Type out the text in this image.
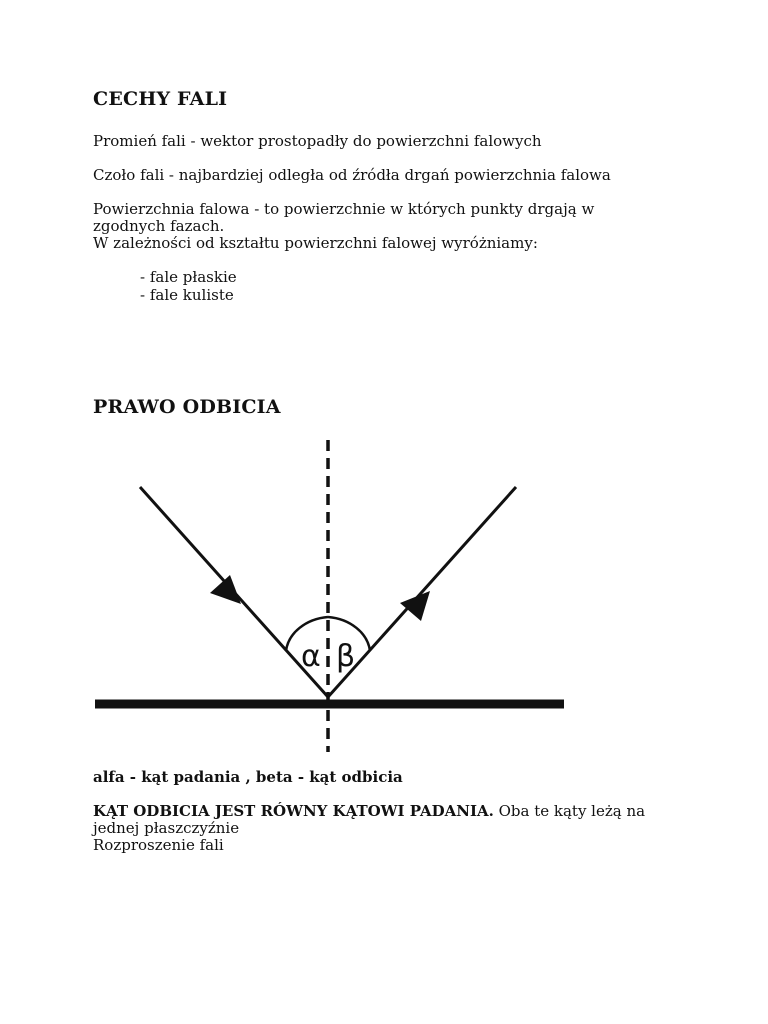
CECHY FALI

Promień fali - wektor prostopadły do powierzchni falowych

Czoło fali - najbardziej odległa od źródła drgań powierzchnia falowa

Powierzchnia falowa - to powierzchnie w których punkty drgają w

zgodnych fazach.

W zależności od kształtu powierzchni falowej wyróżniamy:

- fale płaskie

- fale kuliste

PRAWO ODBICIA
α β

alfa - kąt padania , beta - kąt odbicia

KĄT ODBICIA JEST RÓWNY KĄTOWI PADANIA. Oba te kąty leżą na

jednej płaszczyźnie

Rozproszenie fali
